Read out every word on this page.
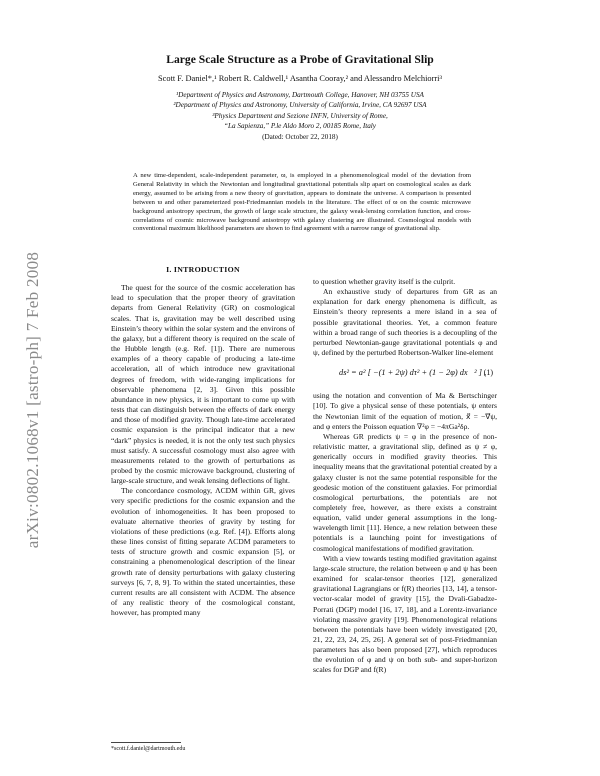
arXiv:0802.1068v1 [astro-ph] 7 Feb 2008
Large Scale Structure as a Probe of Gravitational Slip
Scott F. Daniel*,¹ Robert R. Caldwell,¹ Asantha Cooray,² and Alessandro Melchiorri³
¹Department of Physics and Astronomy, Dartmouth College, Hanover, NH 03755 USA
²Department of Physics and Astronomy, University of California, Irvine, CA 92697 USA
³Physics Department and Sezione INFN, University of Rome,
“La Sapienza,” P.le Aldo Moro 2, 00185 Rome, Italy
(Dated: October 22, 2018)
A new time-dependent, scale-independent parameter, ϖ, is employed in a phenomenological model of the deviation from General Relativity in which the Newtonian and longitudinal gravitational potentials slip apart on cosmological scales as dark energy, assumed to be arising from a new theory of gravitation, appears to dominate the universe. A comparison is presented between ϖ and other parameterized post-Friedmannian models in the literature. The effect of ϖ on the cosmic microwave background anisotropy spectrum, the growth of large scale structure, the galaxy weak-lensing correlation function, and cross-correlations of cosmic microwave background anisotropy with galaxy clustering are illustrated. Cosmological models with conventional maximum likelihood parameters are shown to find agreement with a narrow range of gravitational slip.
I. INTRODUCTION

The quest for the source of the cosmic acceleration has lead to speculation that the proper theory of gravitation departs from General Relativity (GR) on cosmological scales. That is, gravitation may be well described using Einstein’s theory within the solar system and the environs of the galaxy, but a different theory is required on the scale of the Hubble length (e.g. Ref. [1]). There are numerous examples of a theory capable of producing a late-time acceleration, all of which introduce new gravitational degrees of freedom, with wide-ranging implications for observable phenomena [2, 3]. Given this possible abundance in new physics, it is important to come up with tests that can distinguish between the effects of dark energy and those of modified gravity. Though late-time accelerated cosmic expansion is the principal indicator that a new “dark” physics is needed, it is not the only test such physics must satisfy. A successful cosmology must also agree with measurements related to the growth of perturbations as probed by the cosmic microwave background, clustering of large-scale structure, and weak lensing deflections of light.

The concordance cosmology, ΛCDM within GR, gives very specific predictions for the cosmic expansion and the evolution of inhomogeneities. It has been proposed to evaluate alternative theories of gravity by testing for violations of these predictions (e.g. Ref. [4]). Efforts along these lines consist of fitting separate ΛCDM parameters to tests of structure growth and cosmic expansion [5], or constraining a phenomenological description of the linear growth rate of density perturbations with galaxy clustering surveys [6, 7, 8, 9]. To within the stated uncertainties, these current results are all consistent with ΛCDM. The absence of any realistic theory of the cosmological constant, however, has prompted many

to question whether gravity itself is the culprit.

An exhaustive study of departures from GR as an explanation for dark energy phenomena is difficult, as Einstein’s theory represents a mere island in a sea of possible gravitational theories. Yet, a common feature within a broad range of such theories is a decoupling of the perturbed Newtonian-gauge gravitational potentials φ and ψ, defined by the perturbed Robertson-Walker line-element

ds² = a² [ −(1 + 2ψ) dτ² + (1 − 2φ) dx⃗² ] ,
(1)

using the notation and convention of Ma & Bertschinger [10]. To give a physical sense of these potentials, ψ enters the Newtonian limit of the equation of motion, ẍ⃗ = −∇⃗ψ, and φ enters the Poisson equation ∇²φ = −4πGa²δρ.

Whereas GR predicts ψ = φ in the presence of non-relativistic matter, a gravitational slip, defined as ψ ≠ φ, generically occurs in modified gravity theories. This inequality means that the gravitational potential created by a galaxy cluster is not the same potential responsible for the geodesic motion of the constituent galaxies. For primordial cosmological perturbations, the potentials are not completely free, however, as there exists a constraint equation, valid under general assumptions in the long-wavelength limit [11]. Hence, a new relation between these potentials is a launching point for investigations of cosmological manifestations of modified gravitation.

With a view towards testing modified gravitation against large-scale structure, the relation between φ and ψ has been examined for scalar-tensor theories [12], generalized gravitational Lagrangians or f(R) theories [13, 14], a tensor-vector-scalar model of gravity [15], the Dvali-Gabadze-Porrati (DGP) model [16, 17, 18], and a Lorentz-invariance violating massive gravity [19]. Phenomenological relations between the potentials have been widely investigated [20, 21, 22, 23, 24, 25, 26]. A general set of post-Friedmannian parameters has also been proposed [27], which reproduces the evolution of φ and ψ on both sub- and super-horizon scales for DGP and f(R)

*scott.f.daniel@dartmouth.edu
